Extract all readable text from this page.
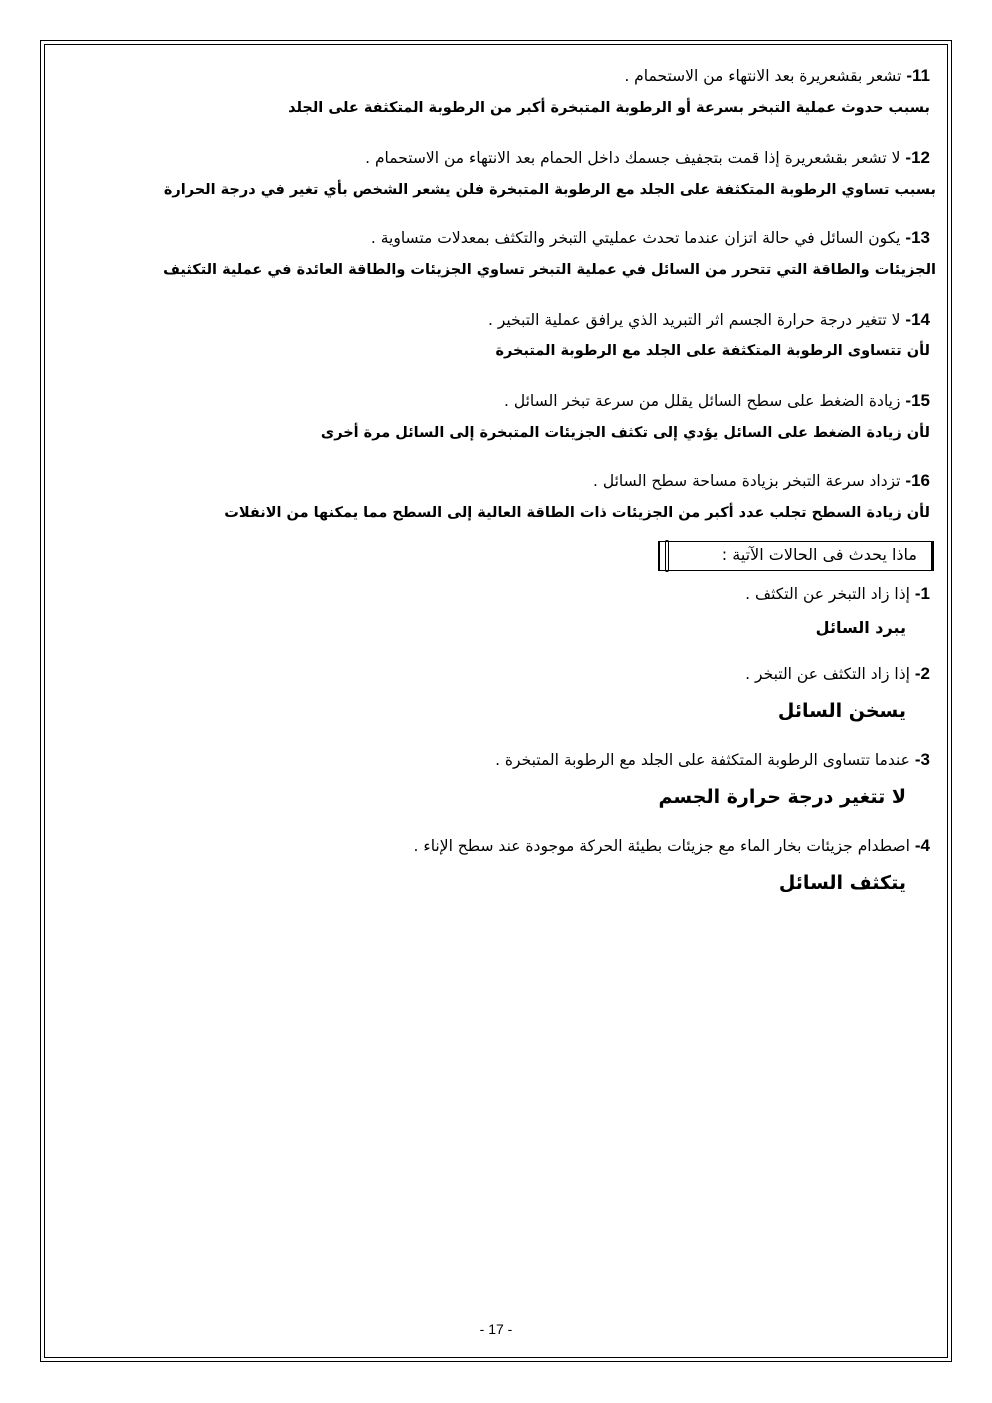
11- تشعر بقشعريرة بعد الانتهاء من الاستحمام .
بسبب حدوث عملية التبخر بسرعة أو الرطوبة المتبخرة أكبر من الرطوبة المتكثفة على الجلد
12- لا تشعر بقشعريرة إذا قمت بتجفيف جسمك داخل الحمام بعد الانتهاء من الاستحمام .
بسبب تساوي الرطوبة المتكثفة على الجلد مع الرطوبة المتبخرة فلن يشعر الشخص بأي تغير في درجة الحرارة
13- يكون السائل في حالة اتزان عندما تحدث عمليتي التبخر والتكثف بمعدلات متساوية .
الجزيئات والطاقة التي تتحرر من السائل في عملية التبخر تساوي الجزيئات والطاقة العائدة في عملية التكثيف
14- لا تتغير درجة حرارة الجسم اثر التبريد الذي يرافق عملية التبخير .
لأن تتساوى الرطوبة المتكثفة على الجلد مع الرطوبة المتبخرة
15- زيادة الضغط على سطح السائل يقلل من سرعة تبخر السائل .
لأن زيادة الضغط على السائل يؤدي إلى تكثف الجزيئات المتبخرة إلى السائل مرة أخرى
16- تزداد سرعة التبخر بزيادة مساحة سطح السائل .
لأن زيادة السطح تجلب عدد أكبر من الجزيئات ذات الطاقة العالية إلى السطح مما يمكنها من الانفلات
ماذا يحدث فى الحالات الآتية :
1- إذا زاد التبخر عن التكثف .
يبرد السائل
2- إذا زاد التكثف عن التبخر .
يسخن السائل
3- عندما تتساوى الرطوبة المتكثفة على الجلد مع الرطوبة المتبخرة .
لا تتغير درجة حرارة الجسم
4- اصطدام جزيئات بخار الماء مع جزيئات بطيئة الحركة موجودة عند سطح الإناء .
يتكثف السائل
- 17 -
